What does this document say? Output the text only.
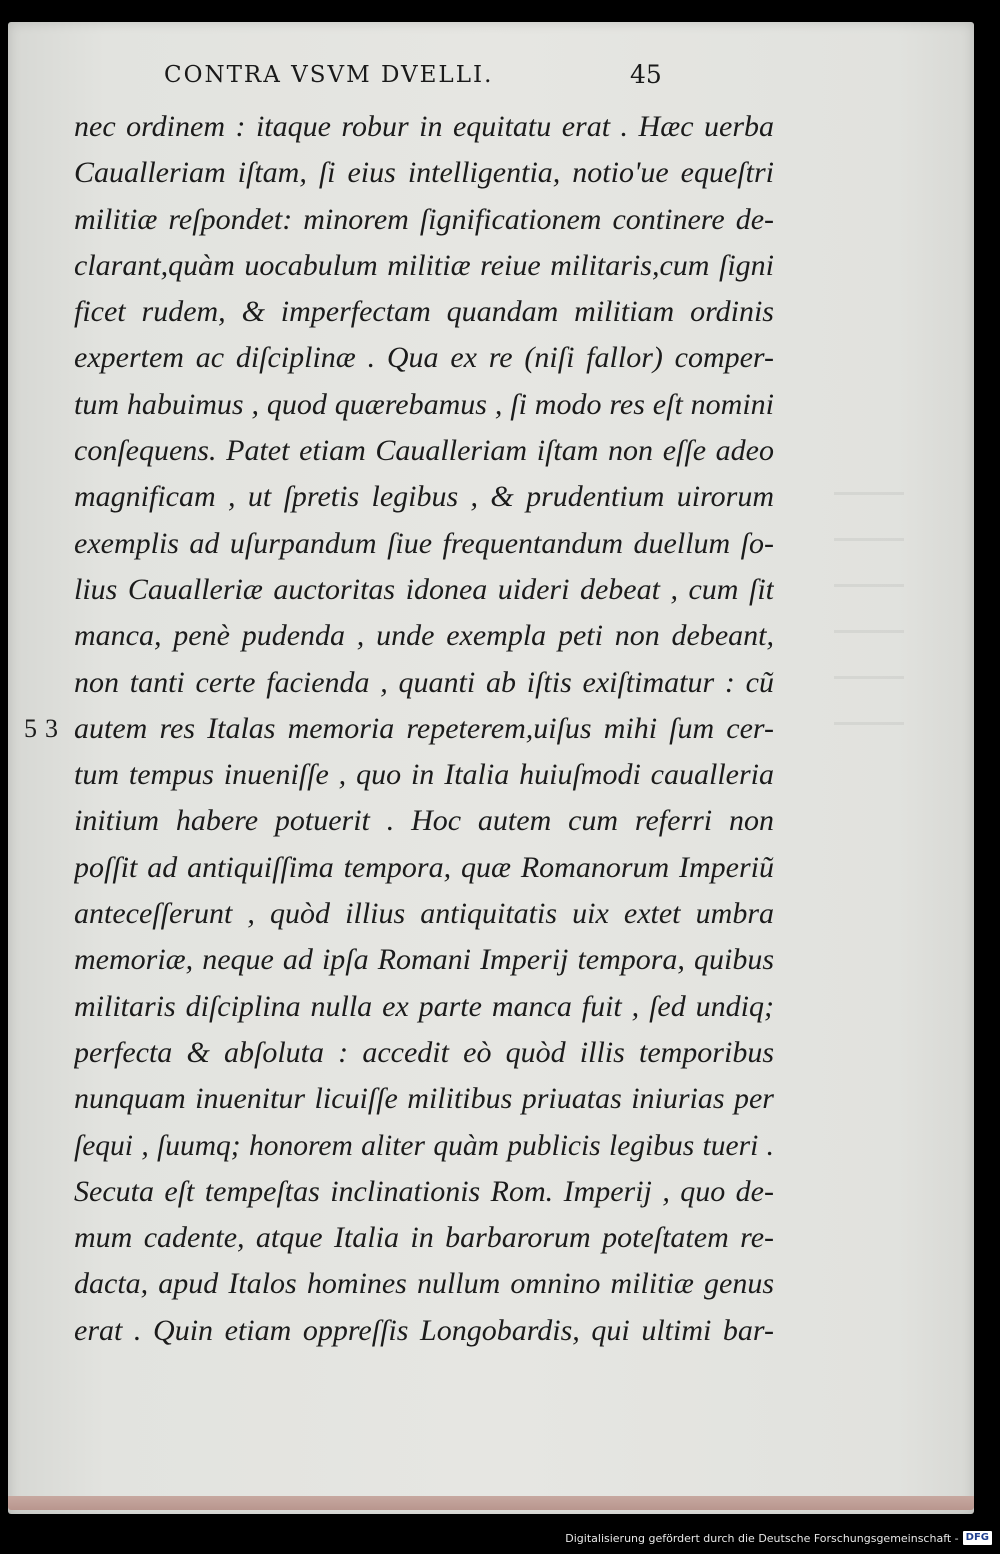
CONTRA VSVM DVELLI.	45
53
nec ordinem : itaque robur in equitatu erat . Hæc uerba
Caualleriam iſtam, ſi eius intelligentia, notio'ue equeſtri
militiæ reſpondet: minorem ſignificationem continere de-
clarant,quàm uocabulum militiæ reiue militaris,cum ſigni
ficet rudem, & imperfectam quandam militiam ordinis
expertem ac diſciplinæ . Qua ex re (niſi fallor) comper-
tum habuimus , quod quærebamus , ſi modo res eſt nomini
conſequens. Patet etiam Caualleriam iſtam non eſſe adeo
magnificam , ut ſpretis legibus , & prudentium uirorum
exemplis ad uſurpandum ſiue frequentandum duellum ſo-
lius Caualleriæ auctoritas idonea uideri debeat , cum ſit
manca, penè pudenda , unde exempla peti non debeant,
non tanti certe facienda , quanti ab iſtis exiſtimatur : cũ
autem res Italas memoria repeterem,uiſus mihi ſum cer-
tum tempus inueniſſe , quo in Italia huiuſmodi caualleria
initium habere potuerit . Hoc autem cum referri non
poſſit ad antiquiſſima tempora, quæ Romanorum Imperiũ
anteceſſerunt , quòd illius antiquitatis uix extet umbra
memoriæ, neque ad ipſa Romani Imperij tempora, quibus
militaris diſciplina nulla ex parte manca fuit , ſed undiq;
perfecta & abſoluta : accedit eò quòd illis temporibus
nunquam inuenitur licuiſſe militibus priuatas iniurias per
ſequi , ſuumq; honorem aliter quàm publicis legibus tueri .
Secuta eſt tempeſtas inclinationis Rom. Imperij , quo de-
mum cadente, atque Italia in barbarorum poteſtatem re-
dacta, apud Italos homines nullum omnino militiæ genus
erat . Quin etiam oppreſſis Longobardis, qui ultimi bar-
Digitalisierung gefördert durch die Deutsche Forschungsgemeinschaft - DFG
